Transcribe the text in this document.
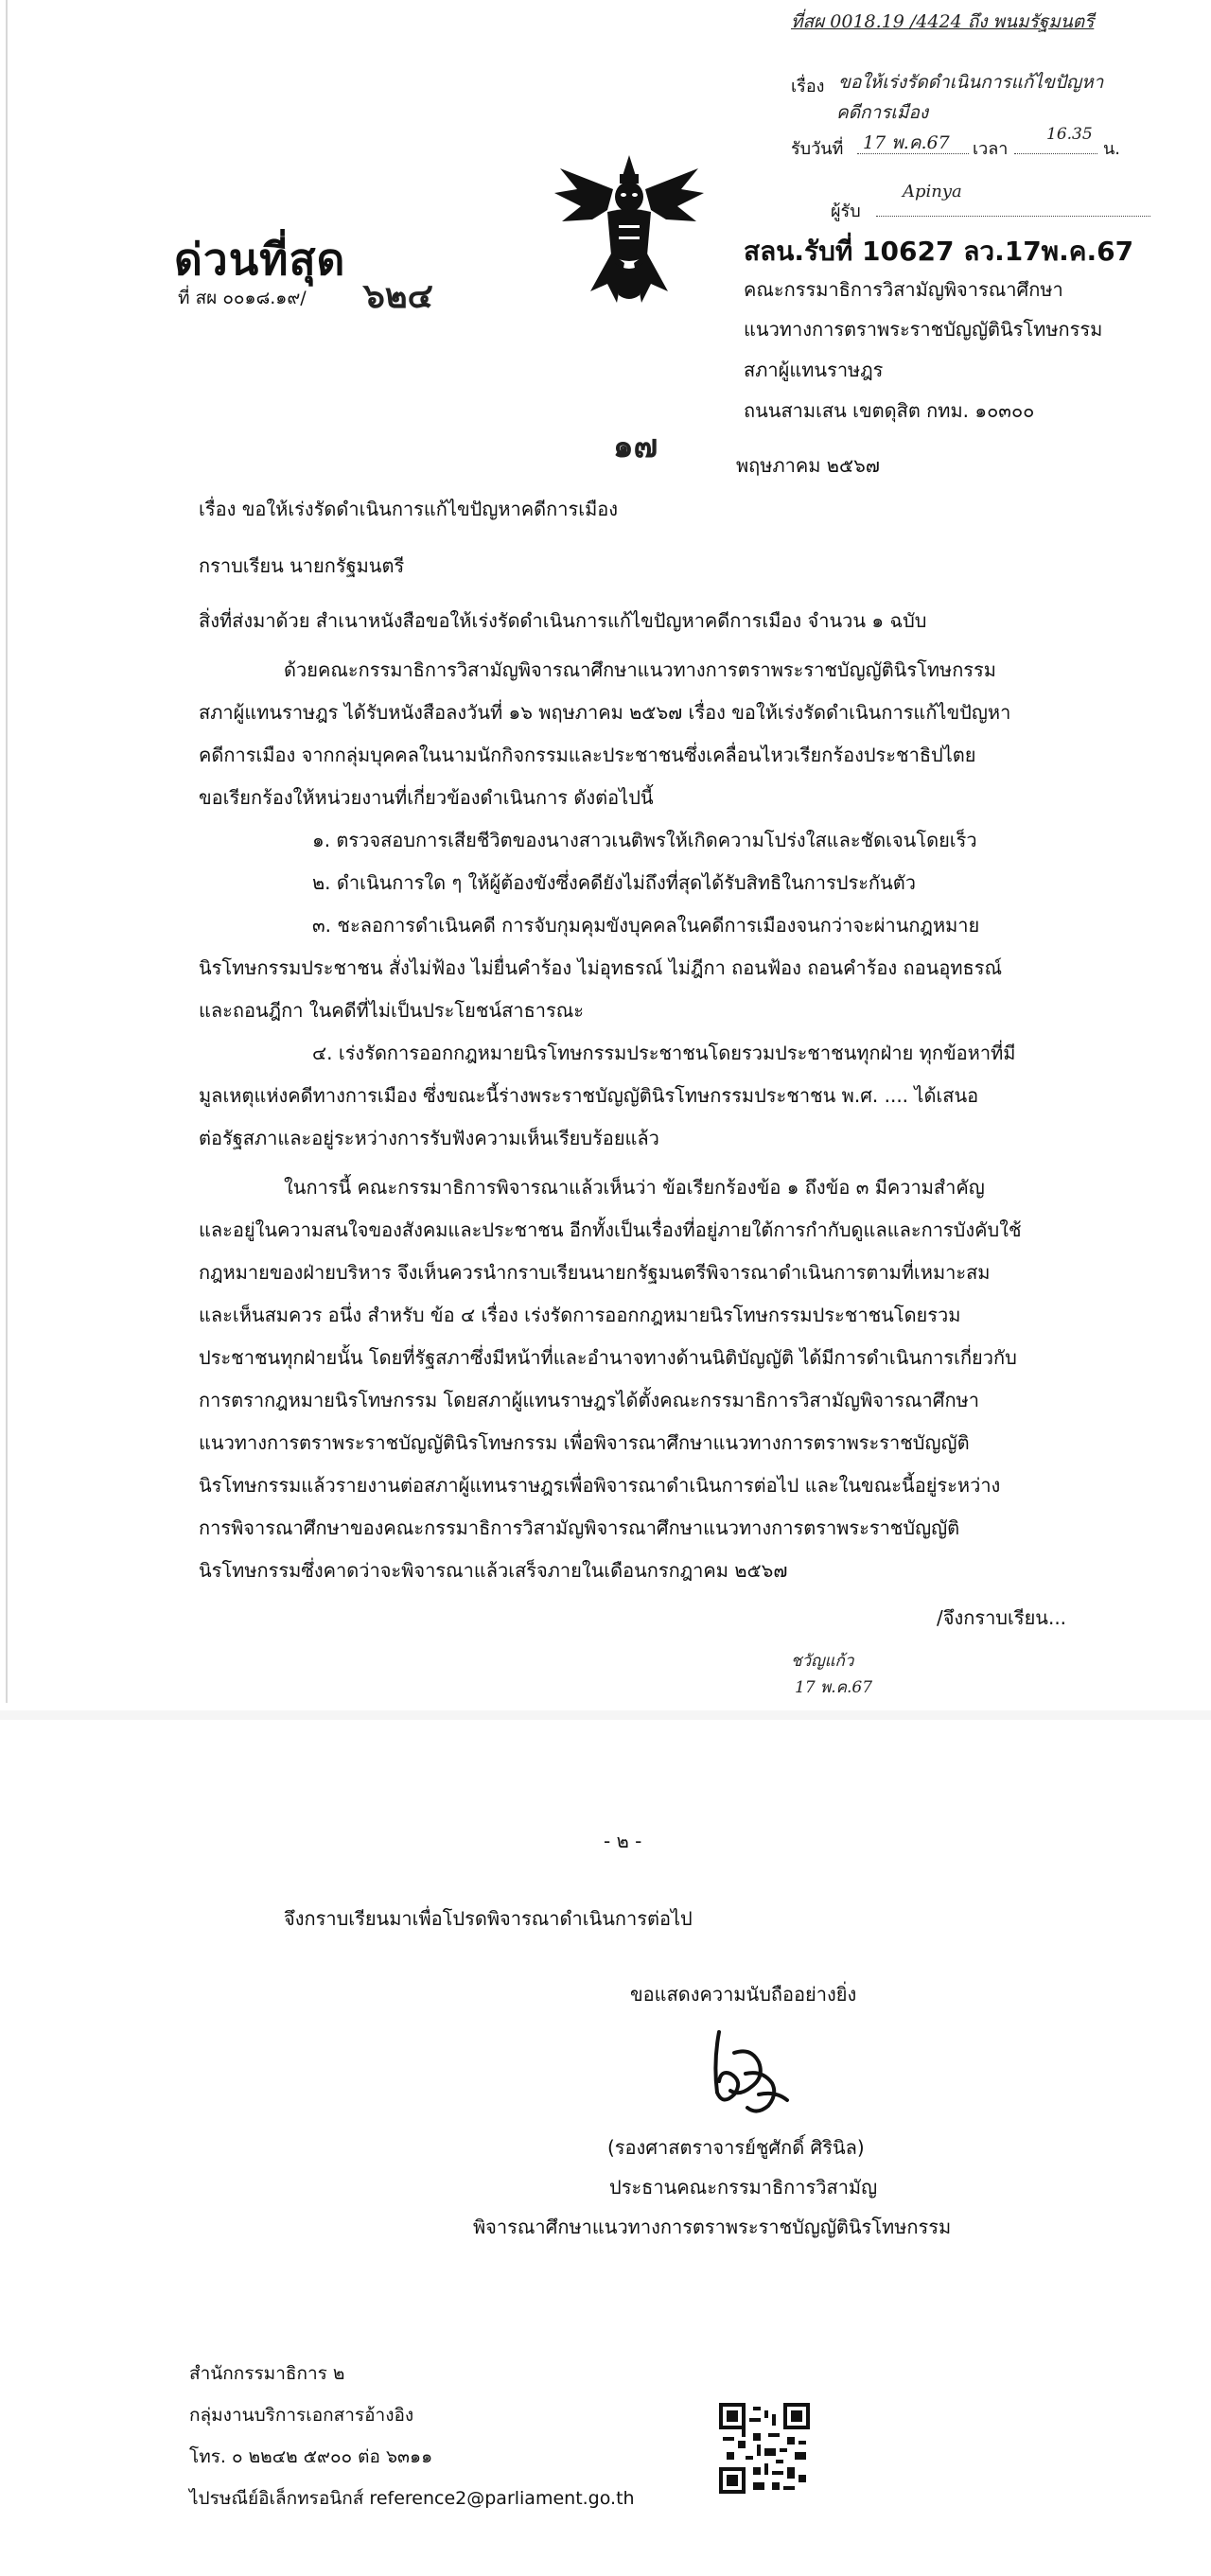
ที่สผ 0018.19 /4424 ถึง พนมรัฐมนตรี
เรื่อง ขอให้เร่งรัดดำเนินการแก้ไขปัญหา
คดีการเมือง
รับวันที่ 17 พ.ค.67 เวลา
16.35
น.
ผู้รับ
Apinya
สลน.รับที่ 10627 ลว.17พ.ค.67
ด่วนที่สุด
ที่ สผ ๐๐๑๘.๑๙/ ๖๒๔	คณะกรรมาธิการวิสามัญพิจารณาศึกษา
แนวทางการตราพระราชบัญญัตินิรโทษกรรม
สภาผู้แทนราษฎร
ถนนสามเสน เขตดุสิต กทม. ๑๐๓๐๐
๑๗	พฤษภาคม ๒๕๖๗
เรื่อง ขอให้เร่งรัดดำเนินการแก้ไขปัญหาคดีการเมือง
กราบเรียน นายกรัฐมนตรี
สิ่งที่ส่งมาด้วย สำเนาหนังสือขอให้เร่งรัดดำเนินการแก้ไขปัญหาคดีการเมือง จำนวน ๑ ฉบับ
ด้วยคณะกรรมาธิการวิสามัญพิจารณาศึกษาแนวทางการตราพระราชบัญญัตินิรโทษกรรม
สภาผู้แทนราษฎร ได้รับหนังสือลงวันที่ ๑๖ พฤษภาคม ๒๕๖๗ เรื่อง ขอให้เร่งรัดดำเนินการแก้ไขปัญหา
คดีการเมือง จากกลุ่มบุคคลในนามนักกิจกรรมและประชาชนซึ่งเคลื่อนไหวเรียกร้องประชาธิปไตย
ขอเรียกร้องให้หน่วยงานที่เกี่ยวข้องดำเนินการ ดังต่อไปนี้
๑. ตรวจสอบการเสียชีวิตของนางสาวเนติพรให้เกิดความโปร่งใสและชัดเจนโดยเร็ว
๒. ดำเนินการใด ๆ ให้ผู้ต้องขังซึ่งคดียังไม่ถึงที่สุดได้รับสิทธิในการประกันตัว
๓. ชะลอการดำเนินคดี การจับกุมคุมขังบุคคลในคดีการเมืองจนกว่าจะผ่านกฎหมาย
นิรโทษกรรมประชาชน สั่งไม่ฟ้อง ไม่ยื่นคำร้อง ไม่อุทธรณ์ ไม่ฎีกา ถอนฟ้อง ถอนคำร้อง ถอนอุทธรณ์
และถอนฎีกา ในคดีที่ไม่เป็นประโยชน์สาธารณะ
๔. เร่งรัดการออกกฎหมายนิรโทษกรรมประชาชนโดยรวมประชาชนทุกฝ่าย ทุกข้อหาที่มี
มูลเหตุแห่งคดีทางการเมือง ซึ่งขณะนี้ร่างพระราชบัญญัตินิรโทษกรรมประชาชน พ.ศ. .... ได้เสนอ
ต่อรัฐสภาและอยู่ระหว่างการรับฟังความเห็นเรียบร้อยแล้ว
ในการนี้ คณะกรรมาธิการพิจารณาแล้วเห็นว่า ข้อเรียกร้องข้อ ๑ ถึงข้อ ๓ มีความสำคัญ
และอยู่ในความสนใจของสังคมและประชาชน อีกทั้งเป็นเรื่องที่อยู่ภายใต้การกำกับดูแลและการบังคับใช้
กฎหมายของฝ่ายบริหาร จึงเห็นควรนำกราบเรียนนายกรัฐมนตรีพิจารณาดำเนินการตามที่เหมาะสม
และเห็นสมควร อนึ่ง สำหรับ ข้อ ๔ เรื่อง เร่งรัดการออกกฎหมายนิรโทษกรรมประชาชนโดยรวม
ประชาชนทุกฝ่ายนั้น โดยที่รัฐสภาซึ่งมีหน้าที่และอำนาจทางด้านนิติบัญญัติ ได้มีการดำเนินการเกี่ยวกับ
การตรากฎหมายนิรโทษกรรม โดยสภาผู้แทนราษฎรได้ตั้งคณะกรรมาธิการวิสามัญพิจารณาศึกษา
แนวทางการตราพระราชบัญญัตินิรโทษกรรม เพื่อพิจารณาศึกษาแนวทางการตราพระราชบัญญัติ
นิรโทษกรรมแล้วรายงานต่อสภาผู้แทนราษฎรเพื่อพิจารณาดำเนินการต่อไป และในขณะนี้อยู่ระหว่าง
การพิจารณาศึกษาของคณะกรรมาธิการวิสามัญพิจารณาศึกษาแนวทางการตราพระราชบัญญัติ
นิรโทษกรรมซึ่งคาดว่าจะพิจารณาแล้วเสร็จภายในเดือนกรกฎาคม ๒๕๖๗
/จึงกราบเรียน...
ชวัญแก้ว
17 พ.ค.67
- ๒ -
จึงกราบเรียนมาเพื่อโปรดพิจารณาดำเนินการต่อไป
ขอแสดงความนับถืออย่างยิ่ง
(รองศาสตราจารย์ชูศักดิ์ ศิรินิล)
ประธานคณะกรรมาธิการวิสามัญ
พิจารณาศึกษาแนวทางการตราพระราชบัญญัตินิรโทษกรรม
สำนักกรรมาธิการ ๒
กลุ่มงานบริการเอกสารอ้างอิง
โทร. ๐ ๒๒๔๒ ๕๙๐๐ ต่อ ๖๓๑๑
ไปรษณีย์อิเล็กทรอนิกส์ reference2@parliament.go.th
